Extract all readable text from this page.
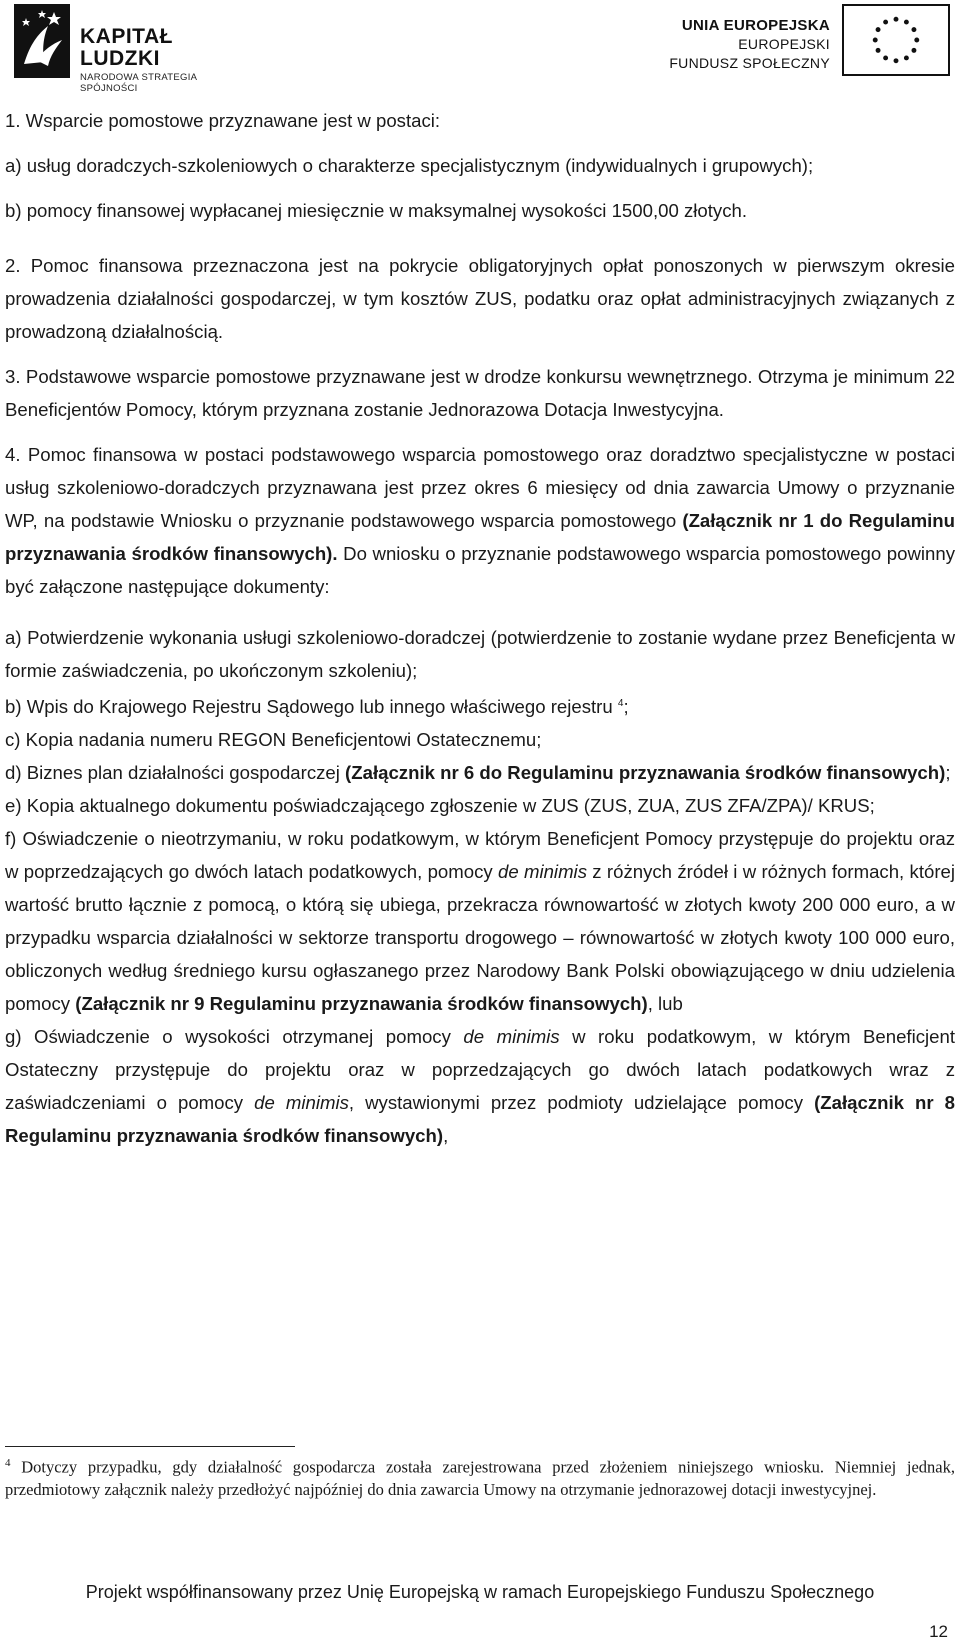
KAPITAŁ LUDZKI
NARODOWA STRATEGIA SPÓJNOŚCI
UNIA EUROPEJSKA
EUROPEJSKI
FUNDUSZ SPOŁECZNY

1. Wsparcie pomostowe przyznawane jest w postaci:

a) usług doradczych-szkoleniowych o charakterze specjalistycznym (indywidualnych i grupowych);

b) pomocy finansowej wypłacanej miesięcznie w maksymalnej wysokości 1500,00 złotych.

2. Pomoc finansowa przeznaczona jest na pokrycie obligatoryjnych opłat ponoszonych w pierwszym okresie prowadzenia działalności gospodarczej, w tym kosztów ZUS, podatku oraz opłat administracyjnych związanych z prowadzoną działalnością.

3. Podstawowe wsparcie pomostowe przyznawane jest w drodze konkursu wewnętrznego. Otrzyma je minimum 22 Beneficjentów Pomocy, którym przyznana zostanie Jednorazowa Dotacja Inwestycyjna.

4. Pomoc finansowa w postaci podstawowego wsparcia pomostowego oraz doradztwo specjalistyczne w postaci usług szkoleniowo-doradczych przyznawana jest przez okres 6 miesięcy od dnia zawarcia Umowy o przyznanie WP, na podstawie Wniosku o przyznanie podstawowego wsparcia pomostowego (Załącznik nr 1 do Regulaminu przyznawania środków finansowych). Do wniosku o przyznanie podstawowego wsparcia pomostowego powinny być załączone następujące dokumenty:

a) Potwierdzenie wykonania usługi szkoleniowo-doradczej (potwierdzenie to zostanie wydane przez Beneficjenta w formie zaświadczenia, po ukończonym szkoleniu);

b) Wpis do Krajowego Rejestru Sądowego lub innego właściwego rejestru $^4$;

c) Kopia nadania numeru REGON Beneficjentowi Ostatecznemu;

d) Biznes plan działalności gospodarczej (Załącznik nr 6 do Regulaminu przyznawania środków finansowych);

e) Kopia aktualnego dokumentu poświadczającego zgłoszenie w ZUS (ZUS, ZUA, ZUS ZFA/ZPA)/ KRUS;

f) Oświadczenie o nieotrzymaniu, w roku podatkowym, w którym Beneficjent Pomocy przystępuje do projektu oraz w poprzedzających go dwóch latach podatkowych, pomocy de minimis z różnych źródeł i w różnych formach, której wartość brutto łącznie z pomocą, o którą się ubiega, przekracza równowartość w złotych kwoty 200 000 euro, a w przypadku wsparcia działalności w sektorze transportu drogowego – równowartość w złotych kwoty 100 000 euro, obliczonych według średniego kursu ogłaszanego przez Narodowy Bank Polski obowiązującego w dniu udzielenia pomocy (Załącznik nr 9 Regulaminu przyznawania środków finansowych), lub

g) Oświadczenie o wysokości otrzymanej pomocy de minimis w roku podatkowym, w którym Beneficjent Ostateczny przystępuje do projektu oraz w poprzedzających go dwóch latach podatkowych wraz z zaświadczeniami o pomocy de minimis, wystawionymi przez podmioty udzielające pomocy (Załącznik nr 8 Regulaminu przyznawania środków finansowych),

$^4$ Dotyczy przypadku, gdy działalność gospodarcza została zarejestrowana przed złożeniem niniejszego wniosku. Niemniej jednak, przedmiotowy załącznik należy przedłożyć najpóźniej do dnia zawarcia Umowy na otrzymanie jednorazowej dotacji inwestycyjnej.
Projekt współfinansowany przez Unię Europejską w ramach Europejskiego Funduszu Społecznego
12
